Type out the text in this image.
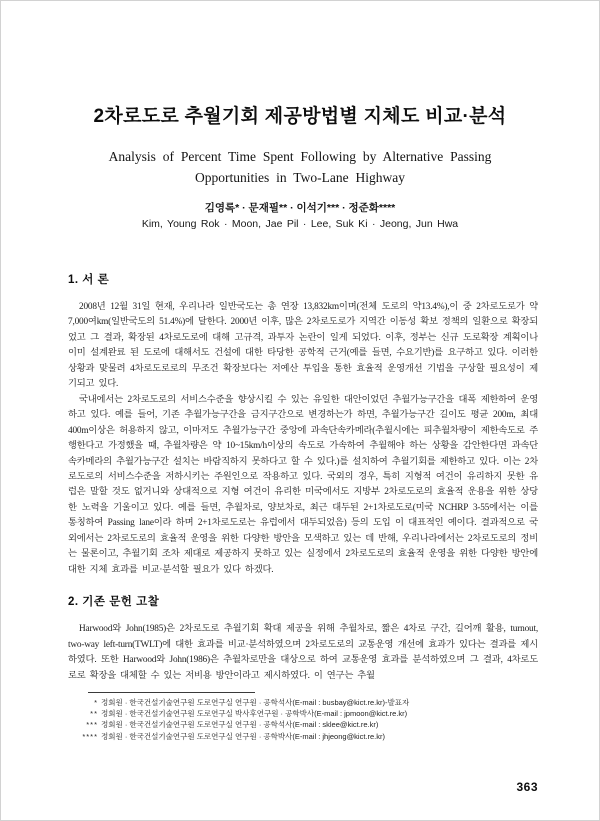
2차로도로 추월기회 제공방법별 지체도 비교·분석
Analysis of Percent Time Spent Following by Alternative Passing
Opportunities in Two-Lane Highway
김영록* · 문재필** · 이석기*** · 정준화****
Kim, Young Rok · Moon, Jae Pil · Lee, Suk Ki · Jeong, Jun Hwa
1. 서 론

2008년 12월 31일 현재, 우리나라 일반국도는 총 연장 13,832km이며(전체 도로의 약13.4%),이 중 2차로도로가 약 7,000여km(일반국도의 51.4%)에 달한다. 2000년 이후, 많은 2차로도로가 지역간 이동성 확보 정책의 일환으로 확장되었고 그 결과, 확장된 4차로도로에 대해 고규격, 과투자 논란이 일게 되었다. 이후, 정부는 신규 도로확장 계획이나 이미 설계완료 된 도로에 대해서도 건설에 대한 타당한 공학적 근거(예를 들면, 수요기반)를 요구하고 있다. 이러한 상황과 맞물려 4차로도로로의 무조건 확장보다는 저예산 투입을 통한 효율적 운영개선 기법을 구상할 필요성이 제기되고 있다.

국내에서는 2차로도로의 서비스수준을 향상시킬 수 있는 유일한 대안이었던 추월가능구간을 대폭 제한하여 운영하고 있다. 예를 들어, 기존 추월가능구간을 금지구간으로 변경하는가 하면, 추월가능구간 길이도 평균 200m, 최대 400m이상은 허용하지 않고, 이마저도 추월가능구간 중앙에 과속단속카메라(추월시에는 피추월차량이 제한속도로 주행한다고 가정했을 때, 추월차량은 약 10~15km/h이상의 속도로 가속하여 추월해야 하는 상황을 감안한다면 과속단속카메라의 추월가능구간 설치는 바람직하지 못하다고 할 수 있다.)를 설치하여 추월기회를 제한하고 있다. 이는 2차로도로의 서비스수준을 저하시키는 주원인으로 작용하고 있다. 국외의 경우, 특히 지형적 여건이 유리하지 못한 유럽은 말할 것도 없거니와 상대적으로 지형 여건이 유리한 미국에서도 지방부 2차로도로의 효율적 운용을 위한 상당한 노력을 기울이고 있다. 예를 들면, 추월차로, 양보차로, 최근 대두된 2+1차로도로(미국 NCHRP 3-55에서는 이를 통칭하여 Passing lane이라 하며 2+1차로도로는 유럽에서 대두되었음) 등의 도입 이 대표적인 예이다. 결과적으로 국외에서는 2차로도로의 효율적 운영을 위한 다양한 방안을 모색하고 있는 데 반해, 우리나라에서는 2차로도로의 정비는 물론이고, 추월기회 조차 제대로 제공하지 못하고 있는 실정에서 2차로도로의 효율적 운영을 위한 다양한 방안에 대한 지체 효과를 비교·분석할 필요가 있다 하겠다.

2. 기존 문헌 고찰

Harwood와 John(1985)은 2차로도로 추월기회 확대 제공을 위해 추월차로, 짧은 4차로 구간, 길어깨 활용, turnout, two-way left-turn(TWLT)에 대한 효과를 비교·분석하였으며 2차로도로의 교통운영 개선에 효과가 있다는 결과를 제시하였다. 또한 Harwood와 John(1986)은 추월차로만을 대상으로 하여 교통운영 효과를 분석하였으며 그 결과, 4차로도로로 확장을 대체할 수 있는 저비용 방안이라고 제시하였다. 이 연구는 추월

* 정회원 · 한국건설기술연구원 도로연구실 연구원 · 공학석사(E-mail : busbay@kict.re.kr)-발표자
** 정회원 · 한국건설기술연구원 도로연구실 박사후연구원 · 공학박사(E-mail : jpmoon@kict.re.kr)
*** 정회원 · 한국건설기술연구원 도로연구실 연구원 · 공학석사(E-mail : sklee@kict.re.kr)
**** 정회원 · 한국건설기술연구원 도로연구실 연구원 · 공학박사(E-mail : jhjeong@kict.re.kr)
363
